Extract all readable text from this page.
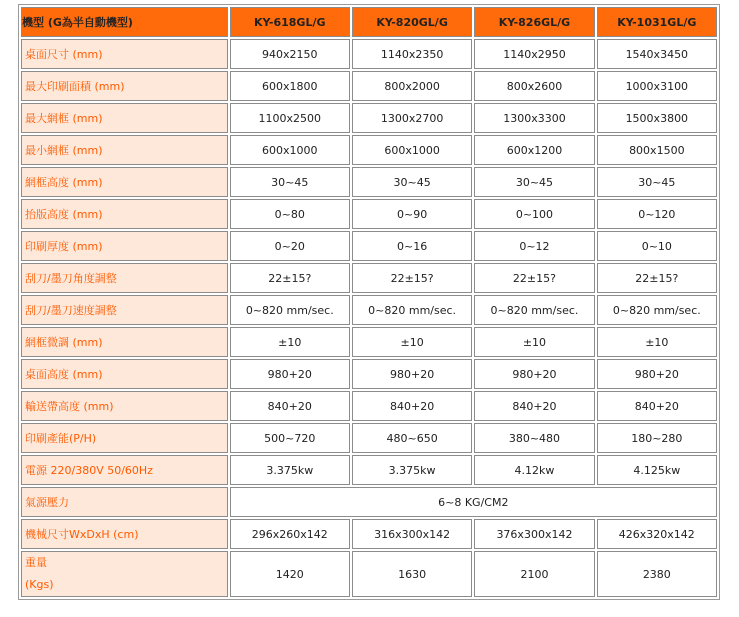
機型 (G為半自動機型)	KY-618GL/G	KY-820GL/G	KY-826GL/G	KY-1031GL/G
桌面尺寸 (mm)	940x2150	1140x2350	1140x2950	1540x3450
最大印刷面積 (mm)	600x1800	800x2000	800x2600	1000x3100
最大網框 (mm)	1100x2500	1300x2700	1300x3300	1500x3800
最小網框 (mm)	600x1000	600x1000	600x1200	800x1500
網框高度 (mm)	30~45	30~45	30~45	30~45
抬版高度 (mm)	0~80	0~90	0~100	0~120
印刷厚度 (mm)	0~20	0~16	0~12	0~10
刮刀/墨刀角度調整	22±15?	22±15?	22±15?	22±15?
刮刀/墨刀速度調整	0~820 mm/sec.	0~820 mm/sec.	0~820 mm/sec.	0~820 mm/sec.
網框微調 (mm)	±10	±10	±10	±10
桌面高度 (mm)	980+20	980+20	980+20	980+20
輸送帶高度 (mm)	840+20	840+20	840+20	840+20
印刷產能(P/H)	500~720	480~650	380~480	180~280
電源 220/380V 50/60Hz	3.375kw	3.375kw	4.12kw	4.125kw
氣源壓力	6~8 KG/CM2			
機械尺寸WxDxH (cm)	296x260x142	316x300x142	376x300x142	426x320x142

重量
(Kgs)	1420	1630	2100	2380
